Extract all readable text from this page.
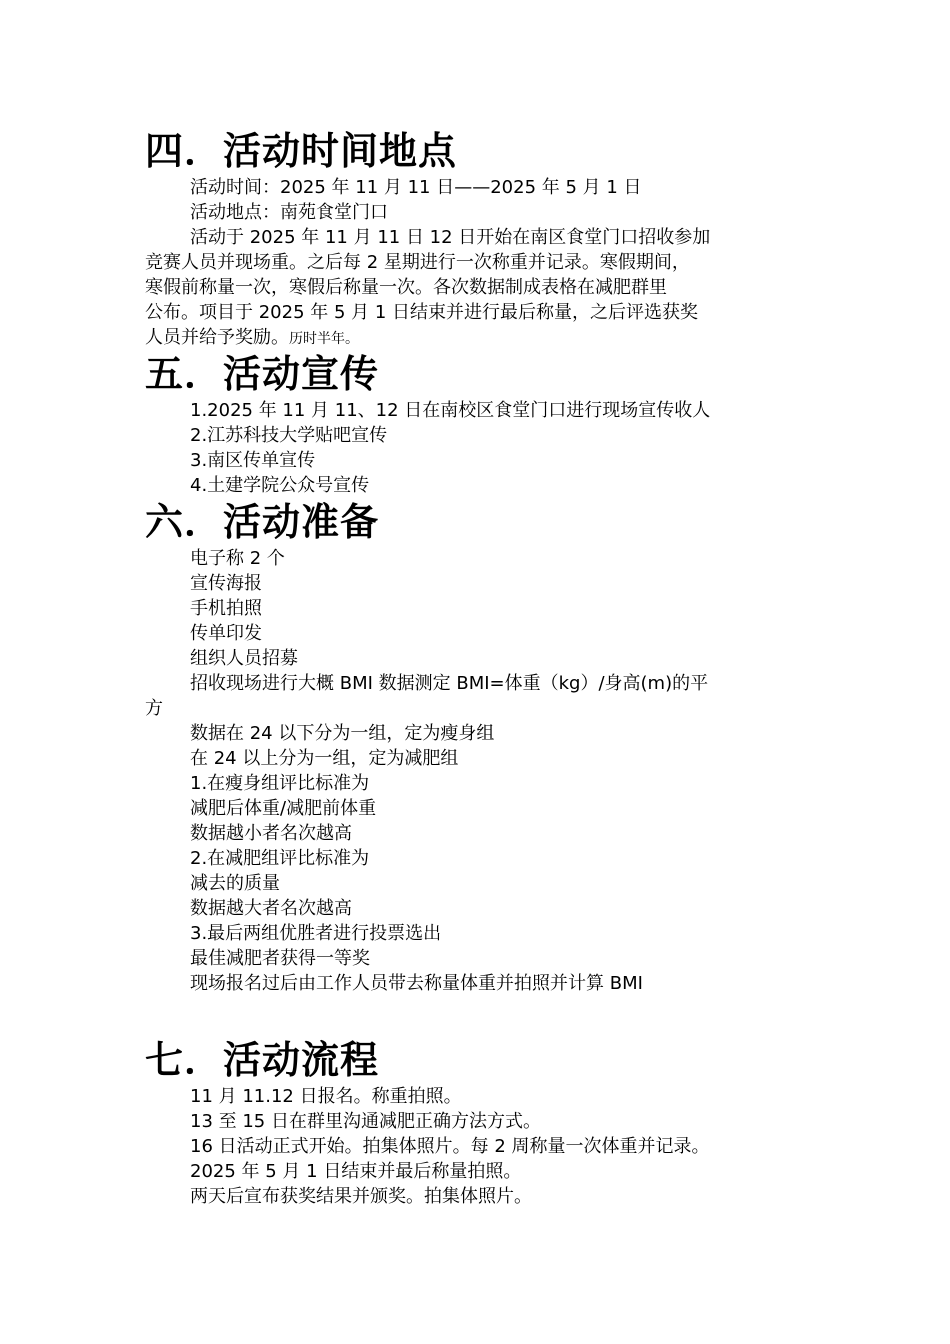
四．活动时间地点
活动时间：2025 年 11 月 11 日——2025 年 5 月 1 日
活动地点：南苑食堂门口
活动于 2025 年 11 月 11 日 12 日开始在南区食堂门口招收参加
竞赛人员并现场重。之后每 2 星期进行一次称重并记录。寒假期间，
寒假前称量一次，寒假后称量一次。各次数据制成表格在减肥群里
公布。项目于 2025 年 5 月 1 日结束并进行最后称量，之后评选获奖
人员并给予奖励。历时半年。
五．活动宣传
1.2025 年 11 月 11、12 日在南校区食堂门口进行现场宣传收人
2.江苏科技大学贴吧宣传
3.南区传单宣传
4.土建学院公众号宣传
六．活动准备
电子称 2 个
宣传海报
手机拍照
传单印发
组织人员招募
招收现场进行大概 BMI 数据测定 BMI=体重（kg）/身高(m)的平
方
数据在 24 以下分为一组，定为瘦身组
在 24 以上分为一组，定为减肥组
1.在瘦身组评比标准为
减肥后体重/减肥前体重
数据越小者名次越高
2.在减肥组评比标准为
减去的质量
数据越大者名次越高
3.最后两组优胜者进行投票选出
最佳减肥者获得一等奖
现场报名过后由工作人员带去称量体重并拍照并计算 BMI
七．活动流程
11 月 11.12 日报名。称重拍照。
13 至 15 日在群里沟通减肥正确方法方式。
16 日活动正式开始。拍集体照片。每 2 周称量一次体重并记录。
2025 年 5 月 1 日结束并最后称量拍照。
两天后宣布获奖结果并颁奖。拍集体照片。
